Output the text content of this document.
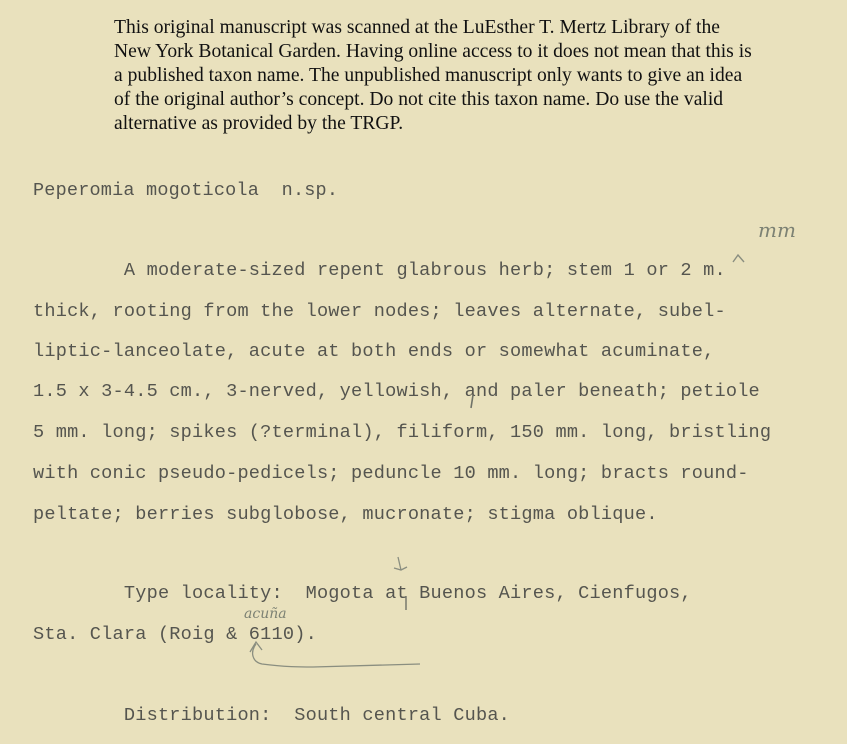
This original manuscript was scanned at the LuEsther T. Mertz Library of the New York Botanical Garden. Having online access to it does not mean that this is a published taxon name. The unpublished manuscript only wants to give an idea of the original author’s concept. Do not cite this taxon name. Do use the valid alternative as provided by the TRGP.

Peperomia mogoticola  n.sp.
A moderate-sized repent glabrous herb; stem 1 or 2 m.
thick, rooting from the lower nodes; leaves alternate, subel-
liptic-lanceolate, acute at both ends or somewhat acuminate,
1.5 x 3-4.5 cm., 3-nerved, yellowish, and paler beneath; petiole
5 mm. long; spikes (?terminal), filiform, 150 mm. long, bristling
with conic pseudo-pedicels; peduncle 10 mm. long; bracts round-
peltate; berries subglobose, mucronate; stigma oblique.
Type locality:  Mogota at Buenos Aires, Cienfugos,
Sta. Clara (Roig & 6110).
Distribution:  South central Cuba.
mm
acuña
